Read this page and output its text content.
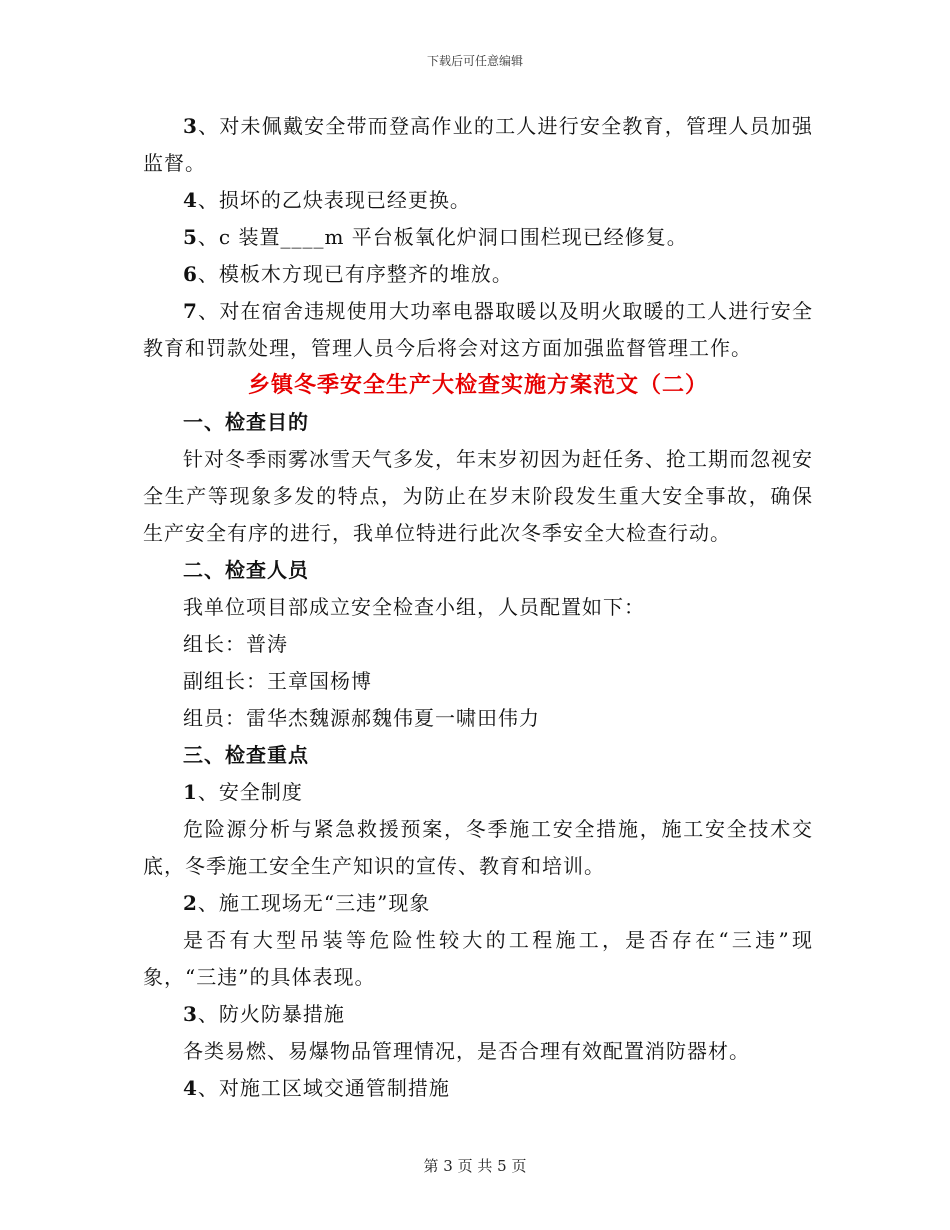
下载后可任意编辑

3、对未佩戴安全带而登高作业的工人进行安全教育，管理人员加强监督。

4、损坏的乙炔表现已经更换。

5、c 装置____m 平台板氧化炉洞口围栏现已经修复。

6、模板木方现已有序整齐的堆放。

7、对在宿舍违规使用大功率电器取暖以及明火取暖的工人进行安全教育和罚款处理，管理人员今后将会对这方面加强监督管理工作。

乡镇冬季安全生产大检查实施方案范文（二）

一、检查目的

针对冬季雨雾冰雪天气多发，年末岁初因为赶任务、抢工期而忽视安全生产等现象多发的特点，为防止在岁末阶段发生重大安全事故，确保生产安全有序的进行，我单位特进行此次冬季安全大检查行动。

二、检查人员

我单位项目部成立安全检查小组，人员配置如下：

组长：普涛

副组长：王章国杨博

组员：雷华杰魏源郝魏伟夏一啸田伟力

三、检查重点

1、安全制度

危险源分析与紧急救援预案，冬季施工安全措施，施工安全技术交底，冬季施工安全生产知识的宣传、教育和培训。

2、施工现场无“三违”现象

是否有大型吊装等危险性较大的工程施工，是否存在“三违”现象，“三违”的具体表现。

3、防火防暴措施

各类易燃、易爆物品管理情况，是否合理有效配置消防器材。

4、对施工区域交通管制措施

第 3 页 共 5 页
